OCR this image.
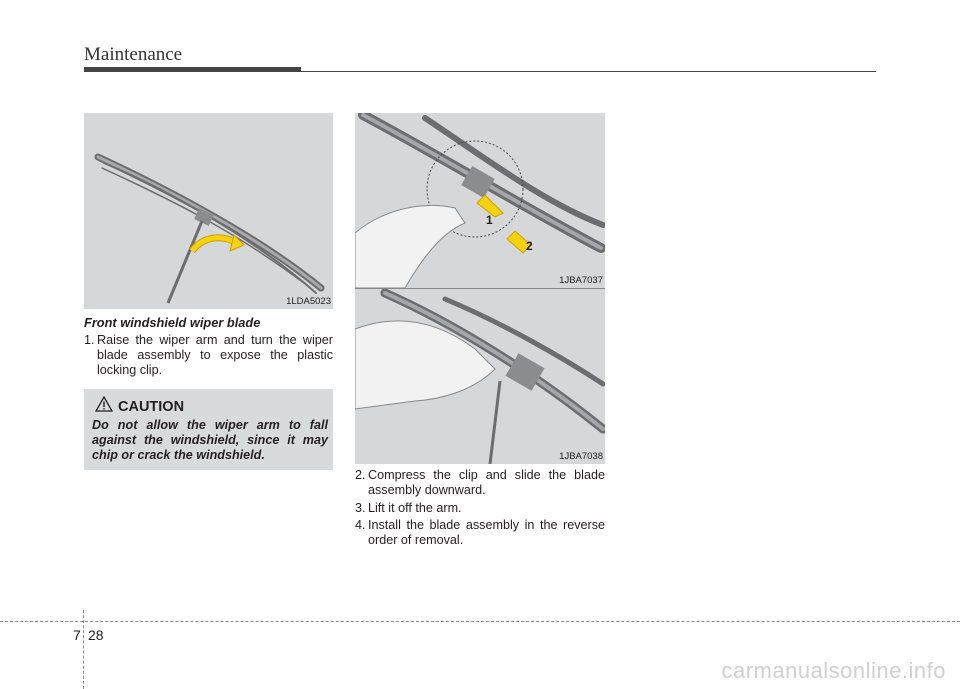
Maintenance
1LDA5023
1
2
1JBA7037
1JBA7038
Front windshield wiper blade
1. Raise the wiper arm and turn the wiper blade assembly to expose the plastic locking clip.
CAUTION
Do not allow the wiper arm to fall against the windshield, since it may chip or crack the windshield.
2. Compress the clip and slide the blade assembly downward.
3. Lift it off the arm.
4. Install the blade assembly in the reverse order of removal.
7 28
carmanualsonline.info
